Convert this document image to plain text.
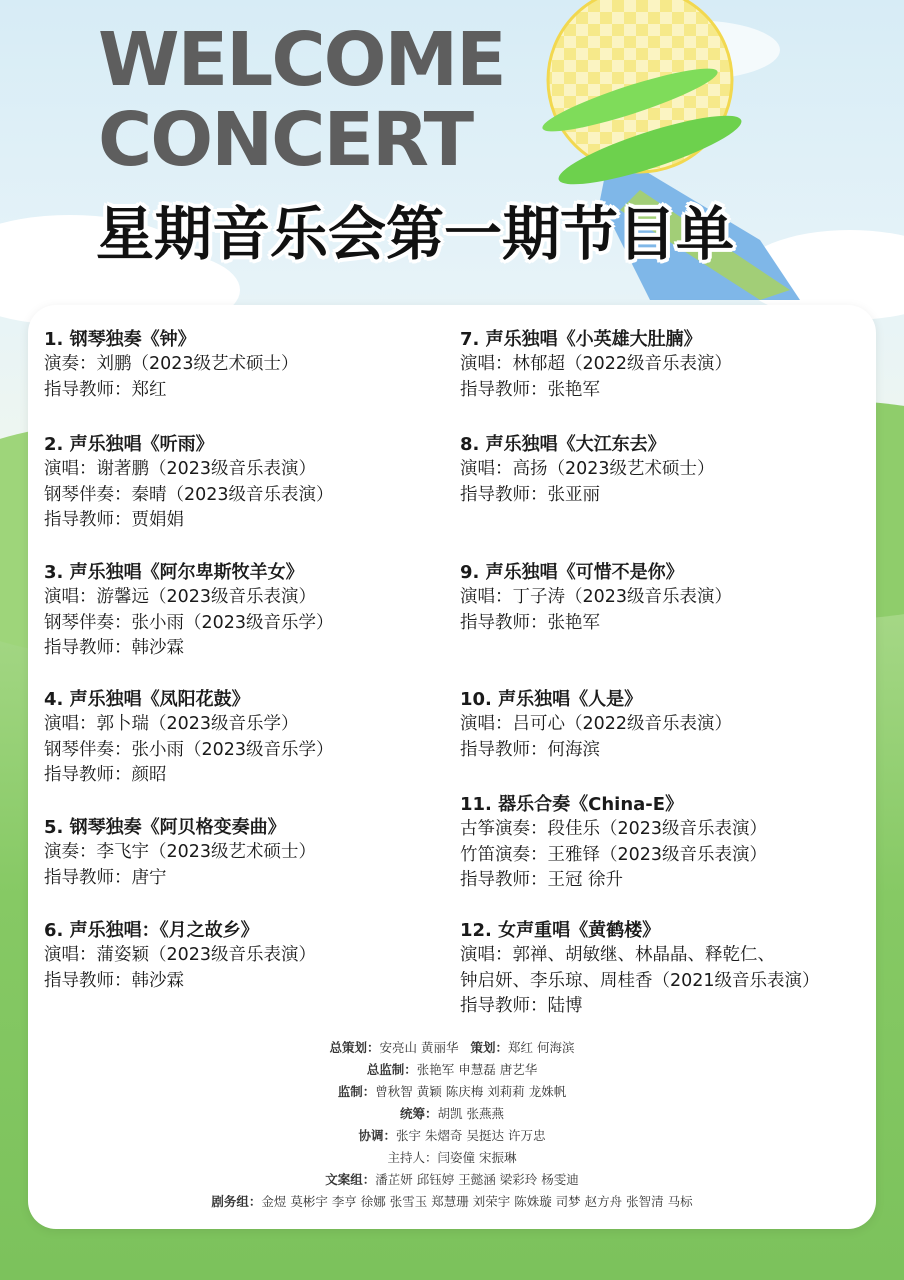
WELCOME
CONCERT
星期音乐会第一期节目单
1. 钢琴独奏《钟》
演奏：刘鹏（2023级艺术硕士）
指导教师：郑红
2. 声乐独唱《听雨》
演唱：谢著鹏（2023级音乐表演）
钢琴伴奏：秦晴（2023级音乐表演）
指导教师：贾娟娟
3. 声乐独唱《阿尔卑斯牧羊女》
演唱：游馨远（2023级音乐表演）
钢琴伴奏：张小雨（2023级音乐学）
指导教师：韩沙霖
4. 声乐独唱《凤阳花鼓》
演唱：郭卜瑞（2023级音乐学）
钢琴伴奏：张小雨（2023级音乐学）
指导教师：颜昭
5. 钢琴独奏《阿贝格变奏曲》
演奏：李飞宇（2023级艺术硕士）
指导教师：唐宁
6. 声乐独唱：《月之故乡》
演唱：蒲姿颖（2023级音乐表演）
指导教师：韩沙霖
7. 声乐独唱《小英雄大肚腩》
演唱：林郁超（2022级音乐表演）
指导教师：张艳军
8. 声乐独唱《大江东去》
演唱：高扬（2023级艺术硕士）
指导教师：张亚丽
9. 声乐独唱《可惜不是你》
演唱：丁子涛（2023级音乐表演）
指导教师：张艳军
10. 声乐独唱《人是》
演唱：吕可心（2022级音乐表演）
指导教师：何海滨
11. 器乐合奏《China-E》
古筝演奏：段佳乐（2023级音乐表演）
竹笛演奏：王雅铎（2023级音乐表演）
指导教师：王冠 徐升
12. 女声重唱《黄鹤楼》
演唱：郭禅、胡敏继、林晶晶、释乾仁、
钟启妍、李乐琼、周桂香（2021级音乐表演）
指导教师：陆博
总策划：安亮山 黄丽华 策划：郑红 何海滨
总监制：张艳军 申慧磊 唐艺华
监制：曾秋智 黄颖 陈庆梅 刘莉莉 龙姝帆
统筹：胡凯 张燕燕
协调：张宇 朱熠奇 吴挺达 许万忠
主持人：闫姿僮 宋振琳
文案组：潘芷妍 邱钰婷 王懿涵 梁彩玲 杨雯迪
剧务组：金煜 莫彬宇 李亨 徐娜 张雪玉 郑慧珊 刘荣宇 陈姝璇 司梦 赵方舟 张智清 马标
